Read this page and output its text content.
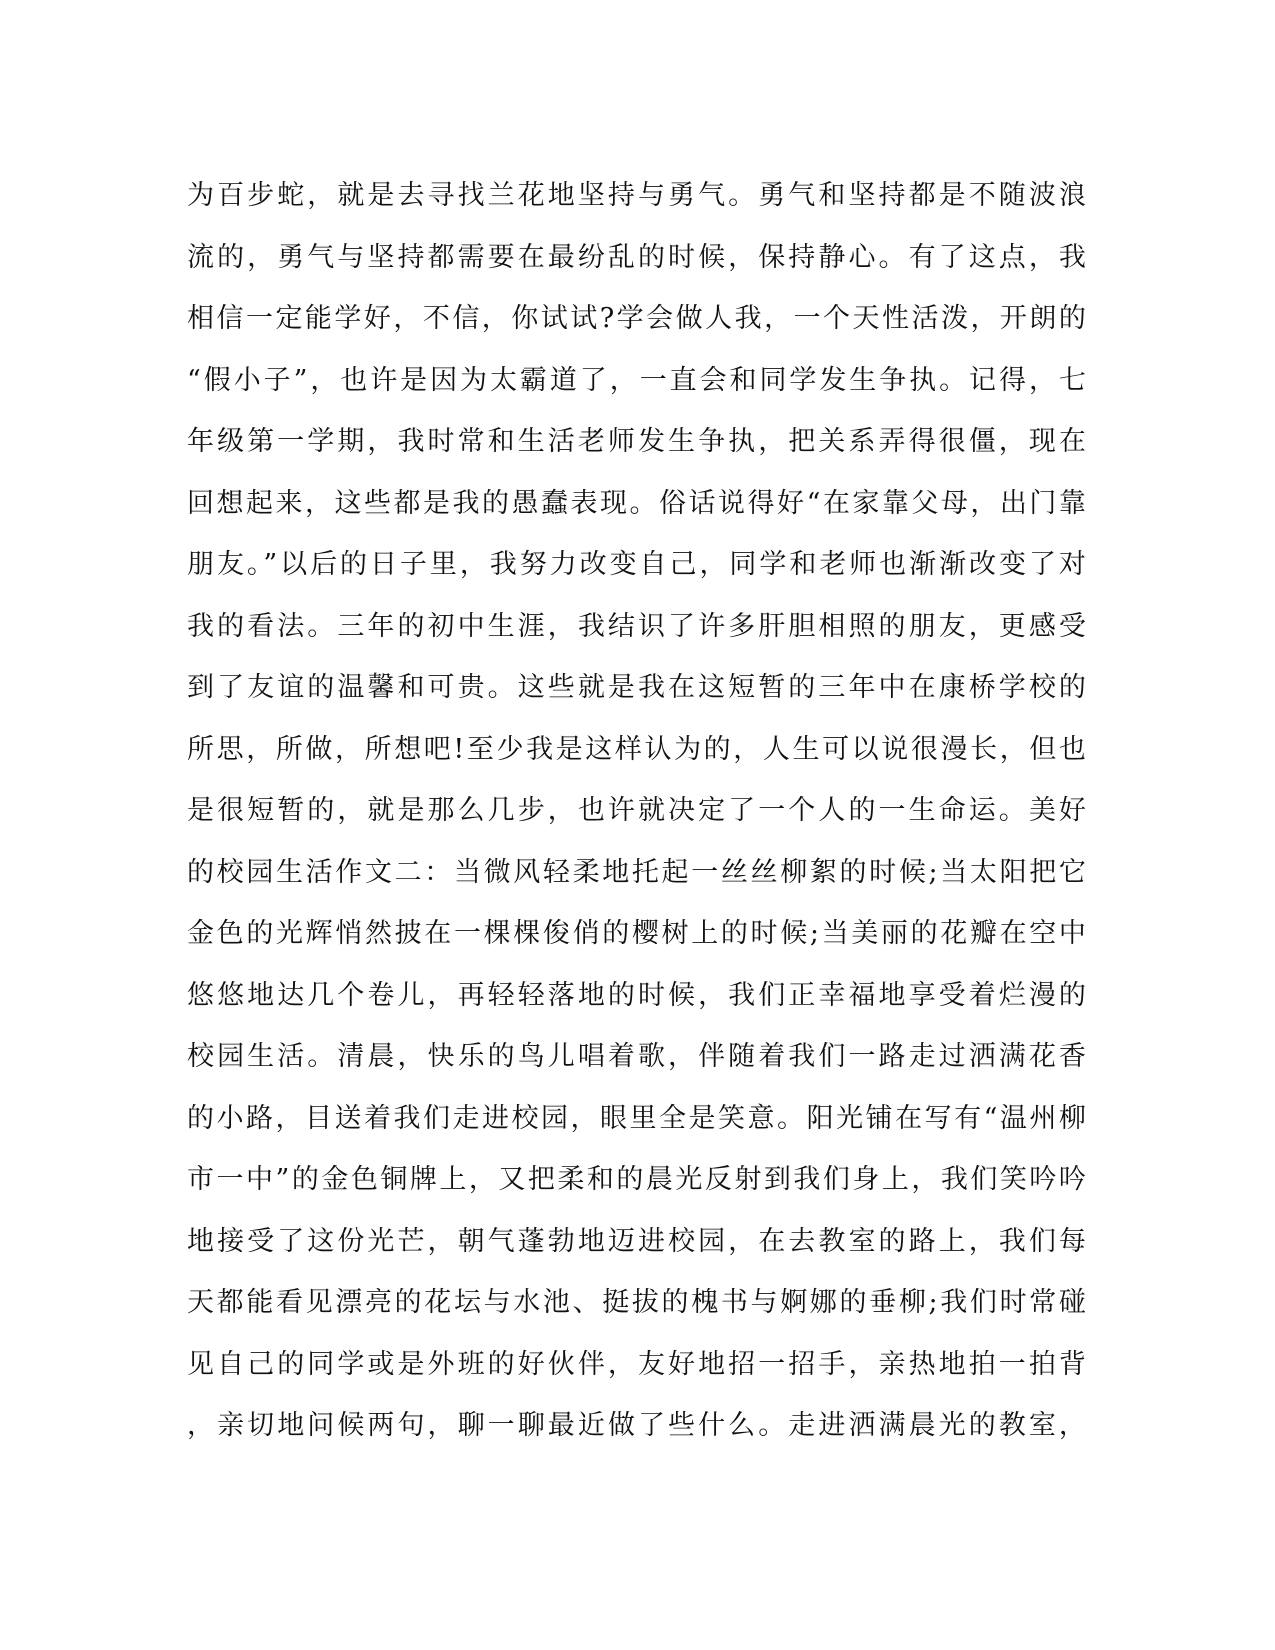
为百步蛇，就是去寻找兰花地坚持与勇气。勇气和坚持都是不随波浪
流的，勇气与坚持都需要在最纷乱的时候，保持静心。有了这点，我
相信一定能学好，不信，你试试?学会做人我，一个天性活泼，开朗的
“假小子”，也许是因为太霸道了，一直会和同学发生争执。记得，七
年级第一学期，我时常和生活老师发生争执，把关系弄得很僵，现在
回想起来，这些都是我的愚蠢表现。俗话说得好“在家靠父母，出门靠
朋友。”以后的日子里，我努力改变自己，同学和老师也渐渐改变了对
我的看法。三年的初中生涯，我结识了许多肝胆相照的朋友，更感受
到了友谊的温馨和可贵。这些就是我在这短暂的三年中在康桥学校的
所思，所做，所想吧!至少我是这样认为的，人生可以说很漫长，但也
是很短暂的，就是那么几步，也许就决定了一个人的一生命运。美好
的校园生活作文二：当微风轻柔地托起一丝丝柳絮的时候;当太阳把它
金色的光辉悄然披在一棵棵俊俏的樱树上的时候;当美丽的花瓣在空中
悠悠地达几个卷儿，再轻轻落地的时候，我们正幸福地享受着烂漫的
校园生活。清晨，快乐的鸟儿唱着歌，伴随着我们一路走过洒满花香
的小路，目送着我们走进校园，眼里全是笑意。阳光铺在写有“温州柳
市一中”的金色铜牌上，又把柔和的晨光反射到我们身上，我们笑吟吟
地接受了这份光芒，朝气蓬勃地迈进校园，在去教室的路上，我们每
天都能看见漂亮的花坛与水池、挺拔的槐书与婀娜的垂柳;我们时常碰
见自己的同学或是外班的好伙伴，友好地招一招手，亲热地拍一拍背
，亲切地问候两句，聊一聊最近做了些什么。走进洒满晨光的教室，
